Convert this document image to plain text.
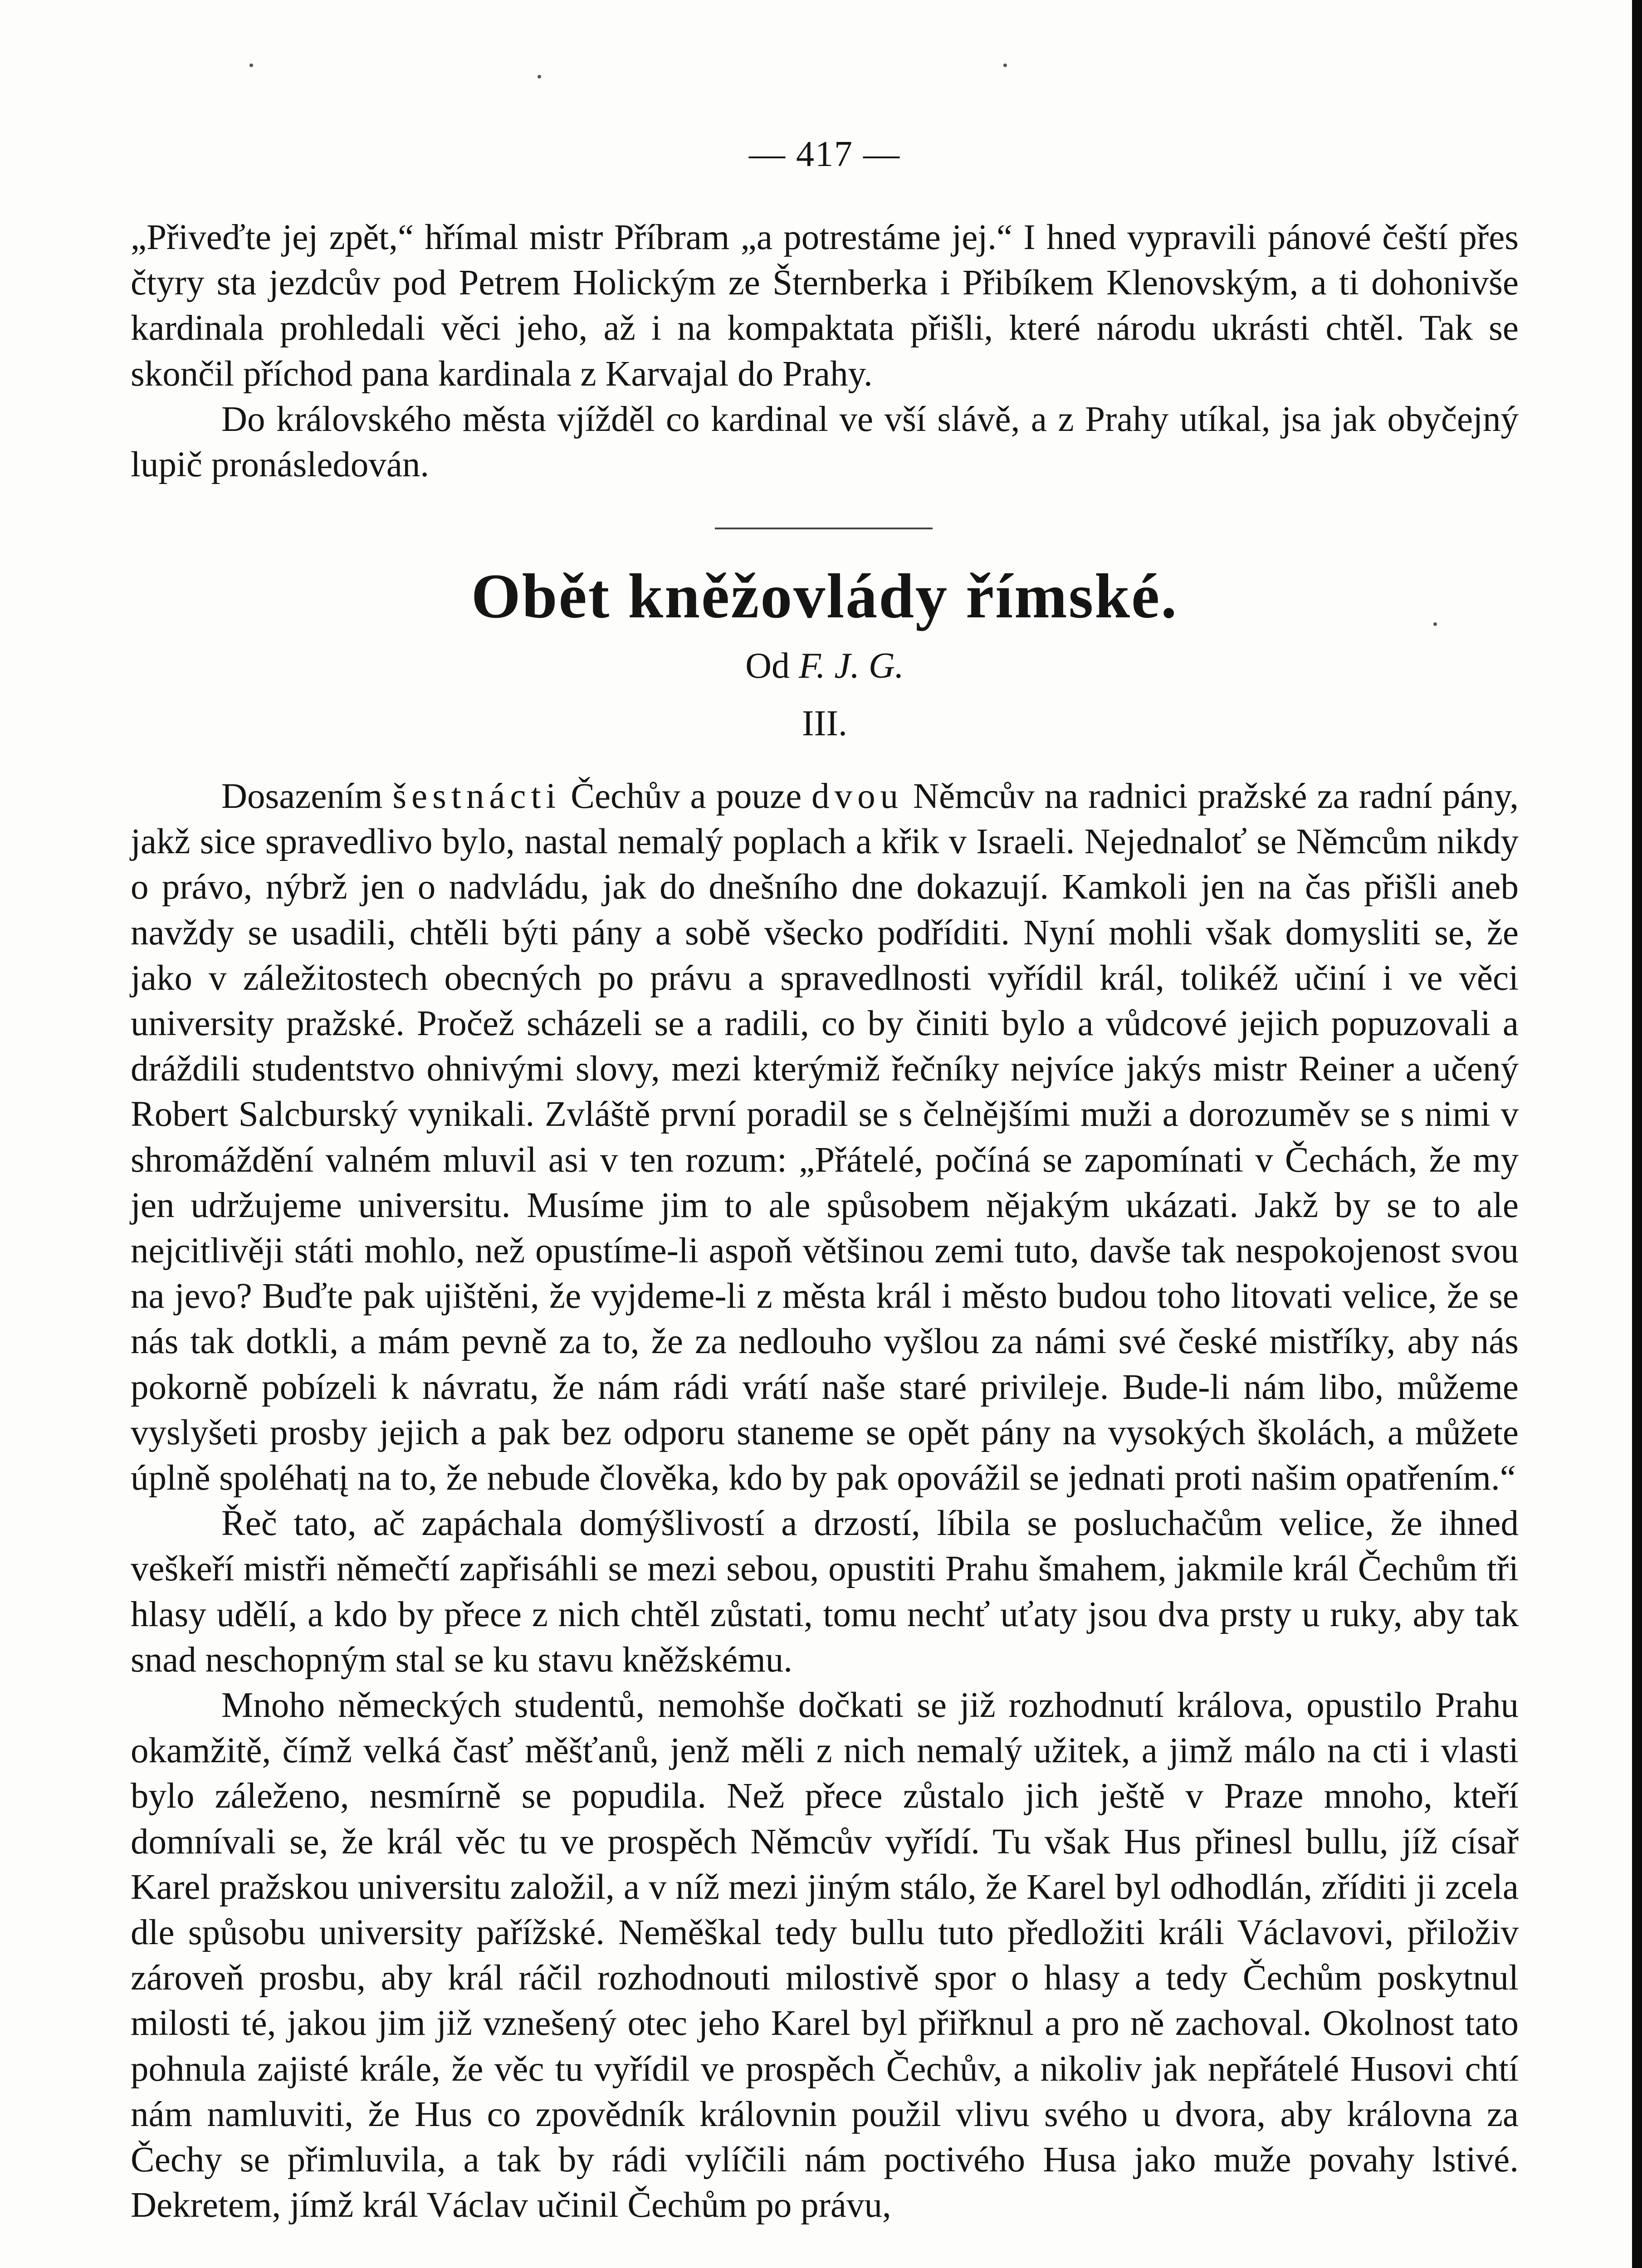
— 417 —

„Přiveďte jej zpět,“ hřímal mistr Příbram „a potrestáme jej.“ I hned vypravili pánové čeští přes čtyry sta jezdcův pod Petrem Holickým ze Šternberka i Přibíkem Klenovským, a ti dohonivše kardinala prohledali věci jeho, až i na kompaktata přišli, které národu ukrásti chtěl. Tak se skončil příchod pana kardinala z Karvajal do Prahy.

Do královského města vjížděl co kardinal ve vší slávě, a z Prahy utíkal, jsa jak obyčejný lupič pronásledován.

Obět kněžovlády římské.
Od F. J. G.
III.

Dosazením šestnácti Čechův a pouze dvou Němcův na radnici pražské za radní pány, jakž sice spravedlivo bylo, nastal nemalý poplach a křik v Israeli. Nejednaloť se Němcům nikdy o právo, nýbrž jen o nadvládu, jak do dnešního dne dokazují. Kamkoli jen na čas přišli aneb navždy se usadili, chtěli býti pány a sobě všecko podříditi. Nyní mohli však domysliti se, že jako v záležitostech obecných po právu a spravedlnosti vyřídil král, tolikéž učiní i ve věci university pražské. Pročež scházeli se a radili, co by činiti bylo a vůdcové jejich popuzovali a dráždili studentstvo ohnivými slovy, mezi kterýmiž řečníky nejvíce jakýs mistr Reiner a učený Robert Salcburský vynikali. Zvláště první poradil se s čelnějšími muži a dorozuměv se s nimi v shromáždění valném mluvil asi v ten rozum: „Přátelé, počíná se zapomínati v Čechách, že my jen udržujeme universitu. Musíme jim to ale spůsobem nějakým ukázati. Jakž by se to ale nejcitlivěji státi mohlo, než opustíme-li aspoň většinou zemi tuto, davše tak nespokojenost svou na jevo? Buďte pak ujištěni, že vyjdeme-li z města král i město budou toho litovati velice, že se nás tak dotkli, a mám pevně za to, že za nedlouho vyšlou za námi své české mistříky, aby nás pokorně pobízeli k návratu, že nám rádi vrátí naše staré privileje. Bude-li nám libo, můžeme vyslyšeti prosby jejich a pak bez odporu staneme se opět pány na vysokých školách, a můžete úplně spoléhatį na to, že nebude člověka, kdo by pak opovážil se jednati proti našim opatřením.“

Řeč tato, ač zapáchala domýšlivostí a drzostí, líbila se posluchačům velice, že ihned veškeří mistři němečtí zapřisáhli se mezi sebou, opustiti Prahu šmahem, jakmile král Čechům tři hlasy udělí, a kdo by přece z nich chtěl zůstati, tomu nechť uťaty jsou dva prsty u ruky, aby tak snad neschopným stal se ku stavu kněžskému.

Mnoho německých studentů, nemohše dočkati se již rozhodnutí králova, opustilo Prahu okamžitě, čímž velká časť měšťanů, jenž měli z nich nemalý užitek, a jimž málo na cti i vlasti bylo záleženo, nesmírně se popudila. Než přece zůstalo jich ještě v Praze mnoho, kteří domnívali se, že král věc tu ve prospěch Němcův vyřídí. Tu však Hus přinesl bullu, jíž císař Karel pražskou universitu založil, a v níž mezi jiným stálo, že Karel byl odhodlán, zříditi ji zcela dle spůsobu university pařížské. Neměškal tedy bullu tuto předložiti králi Václavovi, přiloživ zároveň prosbu, aby král ráčil rozhodnouti milostivě spor o hlasy a tedy Čechům poskytnul milosti té, jakou jim již vznešený otec jeho Karel byl přiřknul a pro ně zachoval. Okolnost tato pohnula zajisté krále, že věc tu vyřídil ve prospěch Čechův, a nikoliv jak nepřátelé Husovi chtí nám namluviti, že Hus co zpovědník královnin použil vlivu svého u dvora, aby královna za Čechy se přimluvila, a tak by rádi vylíčili nám poctivého Husa jako muže povahy lstivé. Dekretem, jímž král Václav učinil Čechům po právu,
